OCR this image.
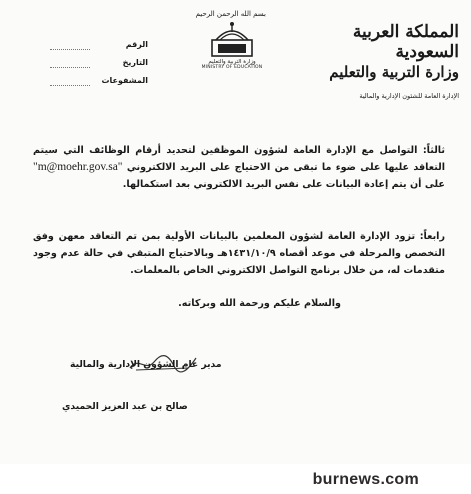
المملكة العربية السعودية
وزارة التربية والتعليم
الإدارة العامة للشئون الإدارية والمالية
بسم الله الرحمن الرحيم
وزارة التربية والتعليم
MINISTRY OF EDUCATION
الرقم
التاريخ
المشفوعات
ثالثاً: التواصل مع الإدارة العامة لشؤون الموظفين لتحديد أرقام الوظائف التي سيتم التعاقد عليها على ضوء ما تبقى من الاحتياج على البريد الالكتروني "m@moehr.gov.sa" على أن يتم إعادة البيانات على نفس البريد الالكتروني بعد استكمالها.
رابعاً: تزود الإدارة العامة لشؤون المعلمين بالبيانات الأولية بمن تم التعاقد معهن وفق التخصص والمرحلة في موعد أقصاه ١٤٣١/١٠/٩هـ وبالاحتياج المتبقي في حالة عدم وجود متقدمات له، من خلال برنامج التواصل الالكتروني الخاص بالمعلمات.
والسلام عليكم ورحمة الله وبركاته.
مدير عام الشؤون الإدارية والمالية
صالح بن عبد العزيز الحميدي
burnews.com
